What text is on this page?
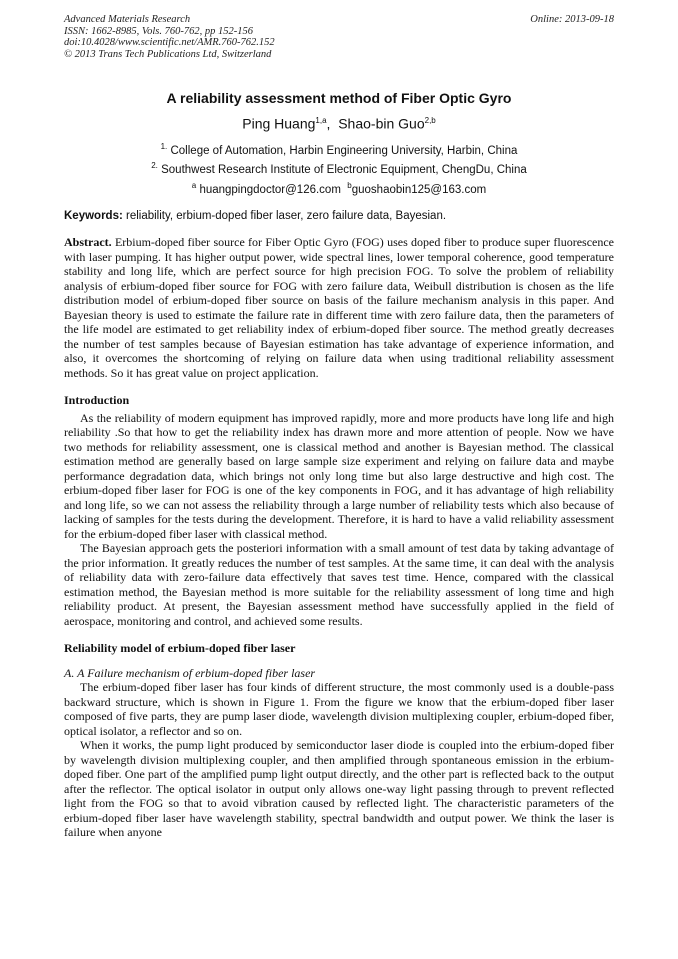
Advanced Materials Research
ISSN: 1662-8985, Vols. 760-762, pp 152-156
doi:10.4028/www.scientific.net/AMR.760-762.152
© 2013 Trans Tech Publications Ltd, Switzerland
Online: 2013-09-18
A reliability assessment method of Fiber Optic Gyro
Ping Huang$^{1,a}$,  Shao-bin Guo$^{2,b}$
$^{1.}$ College of Automation, Harbin Engineering University, Harbin, China
$^{2.}$ Southwest Research Institute of Electronic Equipment, ChengDu, China
$^a$ huangpingdoctor@126.com $^b$guoshaobin125@163.com
Keywords: reliability, erbium-doped fiber laser, zero failure data, Bayesian.
Abstract. Erbium-doped fiber source for Fiber Optic Gyro (FOG) uses doped fiber to produce super fluorescence with laser pumping. It has higher output power, wide spectral lines, lower temporal coherence, good temperature stability and long life, which are perfect source for high precision FOG. To solve the problem of reliability analysis of erbium-doped fiber source for FOG with zero failure data, Weibull distribution is chosen as the life distribution model of erbium-doped fiber source on basis of the failure mechanism analysis in this paper. And Bayesian theory is used to estimate the failure rate in different time with zero failure data, then the parameters of the life model are estimated to get reliability index of erbium-doped fiber source. The method greatly decreases the number of test samples because of Bayesian estimation has take advantage of experience information, and also, it overcomes the shortcoming of relying on failure data when using traditional reliability assessment methods. So it has great value on project application.
Introduction

As the reliability of modern equipment has improved rapidly, more and more products have long life and high reliability .So that how to get the reliability index has drawn more and more attention of people. Now we have two methods for reliability assessment, one is classical method and another is Bayesian method. The classical estimation method are generally based on large sample size experiment and relying on failure data and maybe performance degradation data, which brings not only long time but also large destructive and high cost. The erbium-doped fiber laser for FOG is one of the key components in FOG, and it has advantage of high reliability and long life, so we can not assess the reliability through a large number of reliability tests which also because of lacking of samples for the tests during the development. Therefore, it is hard to have a valid reliability assessment for the erbium-doped fiber laser with classical method.

The Bayesian approach gets the posteriori information with a small amount of test data by taking advantage of the prior information. It greatly reduces the number of test samples. At the same time, it can deal with the analysis of reliability data with zero-failure data effectively that saves test time. Hence, compared with the classical estimation method, the Bayesian method is more suitable for the reliability assessment of long time and high reliability product. At present, the Bayesian assessment method have successfully applied in the field of aerospace, monitoring and control, and achieved some results.

Reliability model of erbium-doped fiber laser
A. A Failure mechanism of erbium-doped fiber laser

The erbium-doped fiber laser has four kinds of different structure, the most commonly used is a double-pass backward structure, which is shown in Figure 1. From the figure we know that the erbium-doped fiber laser composed of five parts, they are pump laser diode, wavelength division multiplexing coupler, erbium-doped fiber, optical isolator, a reflector and so on.

When it works, the pump light produced by semiconductor laser diode is coupled into the erbium-doped fiber by wavelength division multiplexing coupler, and then amplified through spontaneous emission in the erbium-doped fiber. One part of the amplified pump light output directly, and the other part is reflected back to the output after the reflector. The optical isolator in output only allows one-way light passing through to prevent reflected light from the FOG so that to avoid vibration caused by reflected light. The characteristic parameters of the erbium-doped fiber laser have wavelength stability, spectral bandwidth and output power. We think the laser is failure when anyone
